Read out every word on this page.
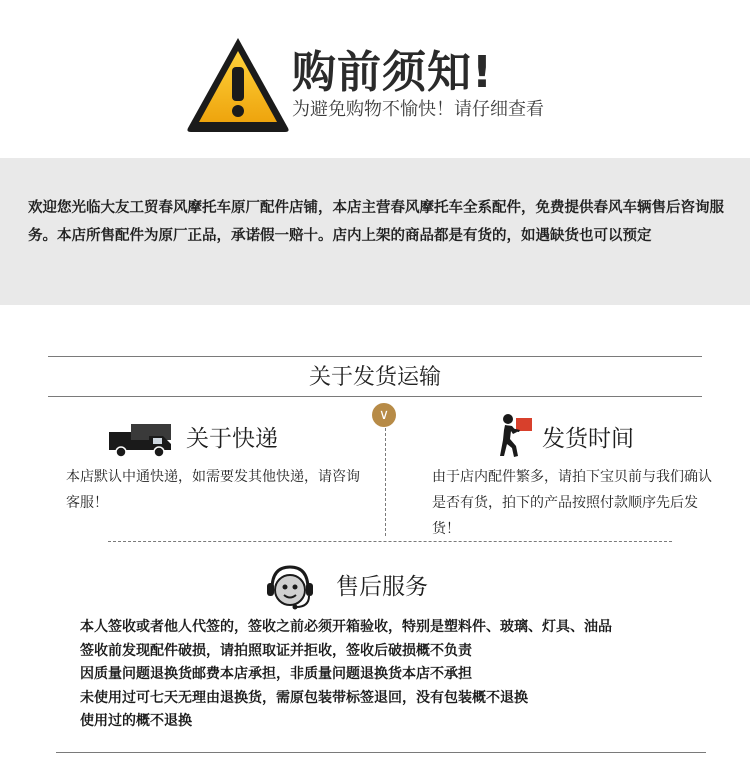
购前须知!
为避免购物不愉快！请仔细查看
欢迎您光临大友工贸春风摩托车原厂配件店铺，本店主营春风摩托车全系配件，免费提供春风车辆售后咨询服务。本店所售配件为原厂正品，承诺假一赔十。店内上架的商品都是有货的，如遇缺货也可以预定
关于发货运输
∨
关于快递
本店默认中通快递，如需要发其他快递，请咨询客服！
发货时间
由于店内配件繁多，请拍下宝贝前与我们确认是否有货，拍下的产品按照付款顺序先后发货！
售后服务
本人签收或者他人代签的，签收之前必须开箱验收，特别是塑料件、玻璃、灯具、油品
签收前发现配件破损，请拍照取证并拒收，签收后破损概不负责
因质量问题退换货邮费本店承担，非质量问题退换货本店不承担
未使用过可七天无理由退换货，需原包装带标签退回，没有包装概不退换
使用过的概不退换
